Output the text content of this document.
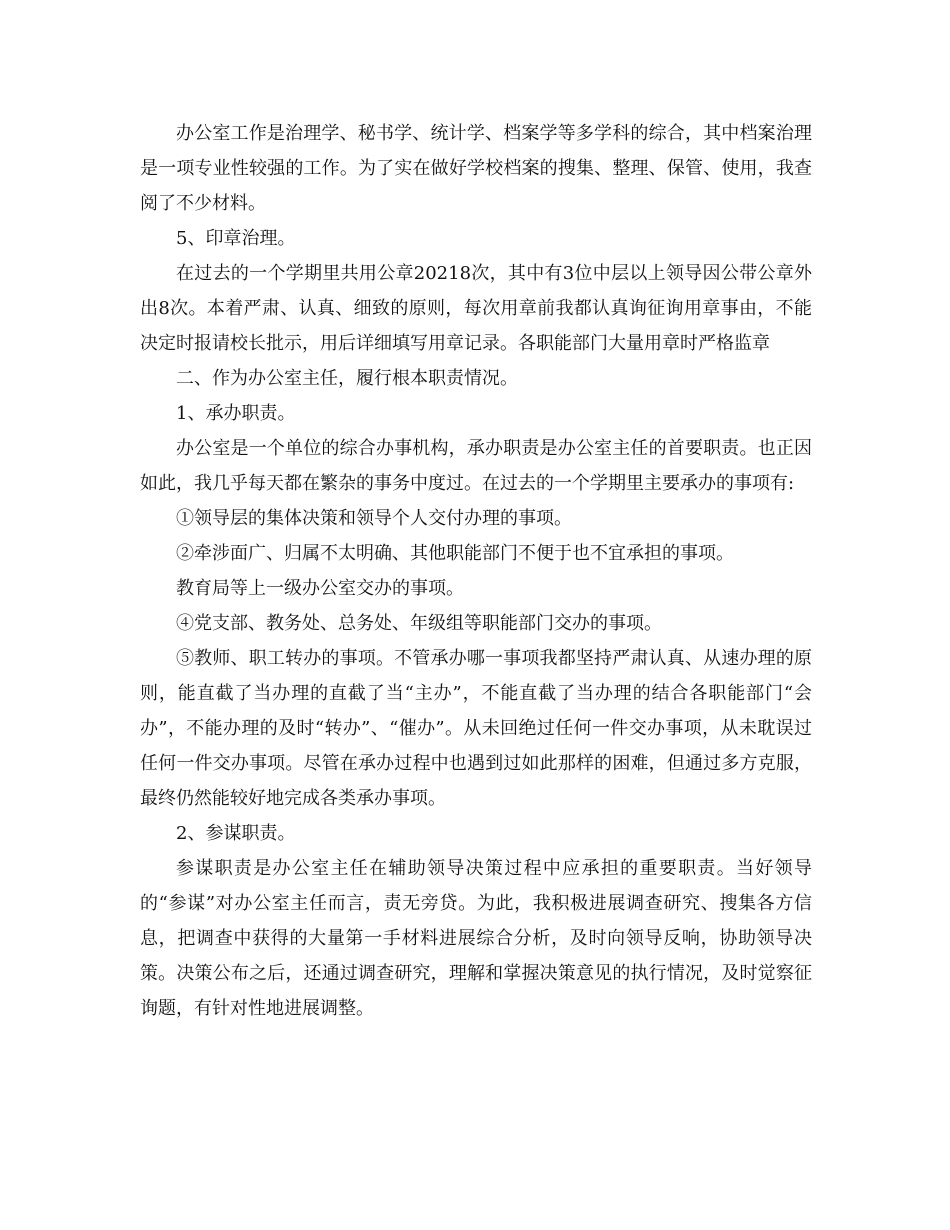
办公室工作是治理学、秘书学、统计学、档案学等多学科的综合，其中档案治理是一项专业性较强的工作。为了实在做好学校档案的搜集、整理、保管、使用，我查阅了不少材料。

5、印章治理。

在过去的一个学期里共用公章20218次，其中有3位中层以上领导因公带公章外出8次。本着严肃、认真、细致的原则，每次用章前我都认真询征询用章事由，不能决定时报请校长批示，用后详细填写用章记录。各职能部门大量用章时严格监章

二、作为办公室主任，履行根本职责情况。

1、承办职责。

办公室是一个单位的综合办事机构，承办职责是办公室主任的首要职责。也正因如此，我几乎每天都在繁杂的事务中度过。在过去的一个学期里主要承办的事项有:

①领导层的集体决策和领导个人交付办理的事项。

②牵涉面广、归属不太明确、其他职能部门不便于也不宜承担的事项。

教育局等上一级办公室交办的事项。

④党支部、教务处、总务处、年级组等职能部门交办的事项。

⑤教师、职工转办的事项。不管承办哪一事项我都坚持严肃认真、从速办理的原则，能直截了当办理的直截了当“主办”，不能直截了当办理的结合各职能部门“会办”，不能办理的及时“转办”、“催办”。从未回绝过任何一件交办事项，从未耽误过任何一件交办事项。尽管在承办过程中也遇到过如此那样的困难，但通过多方克服，最终仍然能较好地完成各类承办事项。

2、参谋职责。

参谋职责是办公室主任在辅助领导决策过程中应承担的重要职责。当好领导的“参谋”对办公室主任而言，责无旁贷。为此，我积极进展调查研究、搜集各方信息，把调查中获得的大量第一手材料进展综合分析，及时向领导反响，协助领导决策。决策公布之后，还通过调查研究，理解和掌握决策意见的执行情况，及时觉察征询题，有针对性地进展调整。
